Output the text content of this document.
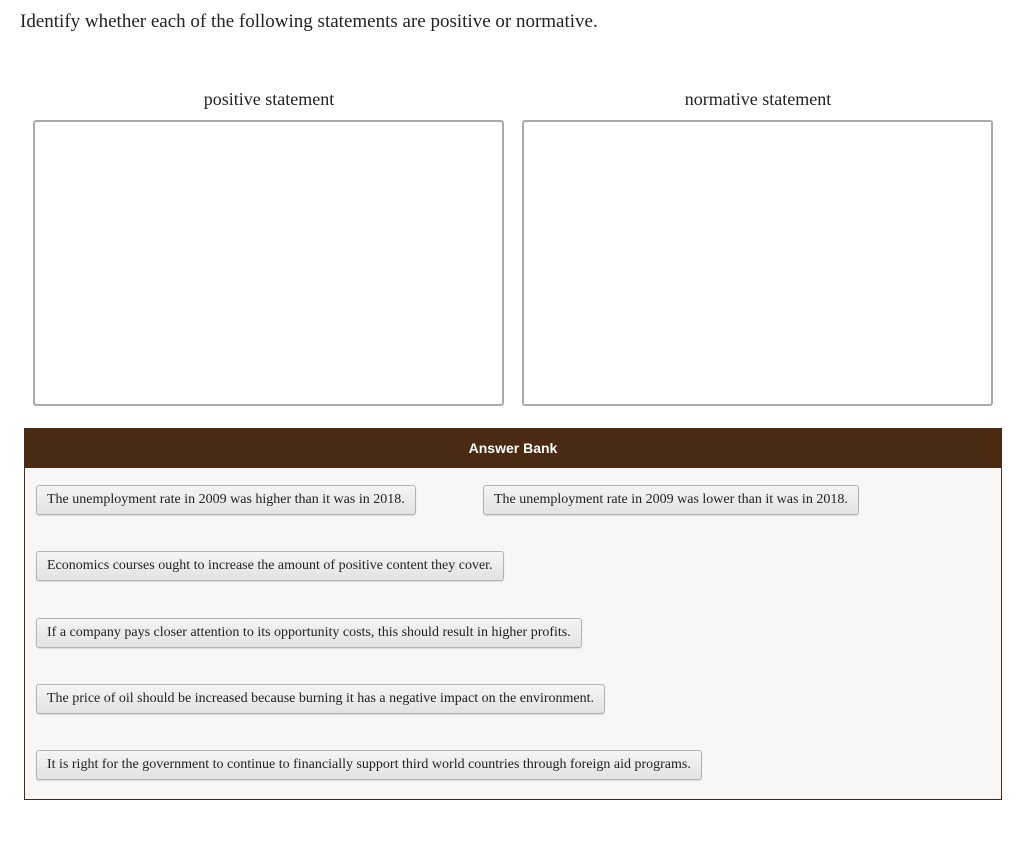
Identify whether each of the following statements are positive or normative.
positive statement	normative statement
Answer Bank
The unemployment rate in 2009 was higher than it was in 2018.	The unemployment rate in 2009 was lower than it was in 2018.
Economics courses ought to increase the amount of positive content they cover.
If a company pays closer attention to its opportunity costs, this should result in higher profits.
The price of oil should be increased because burning it has a negative impact on the environment.
It is right for the government to continue to financially support third world countries through foreign aid programs.
